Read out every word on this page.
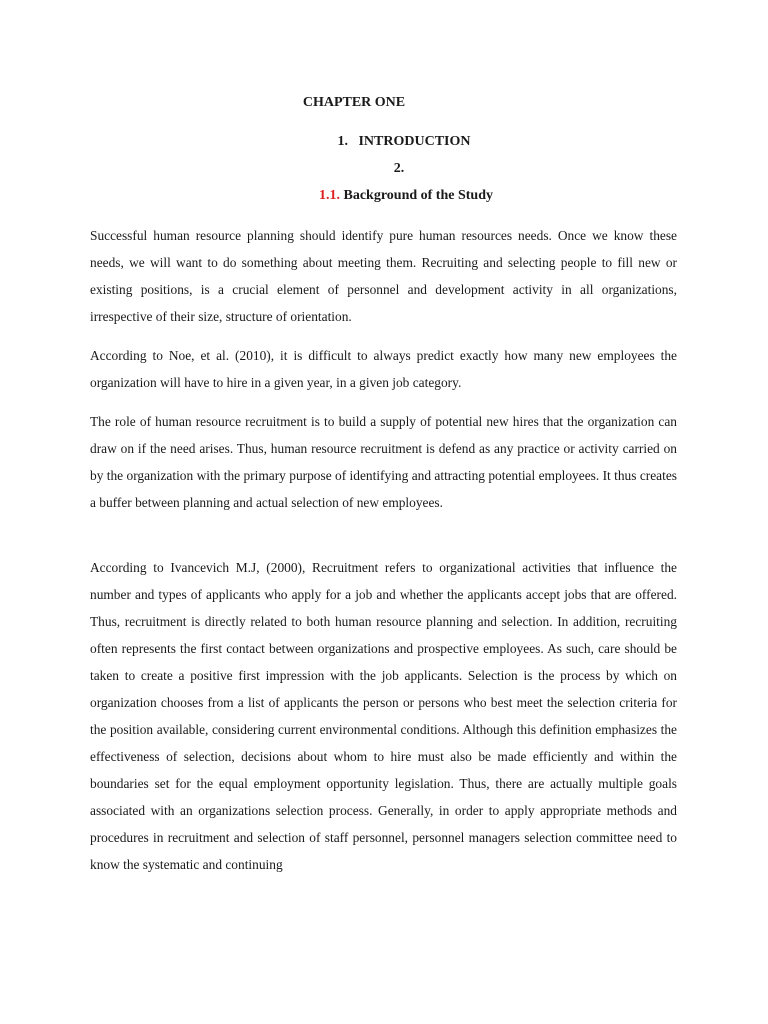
CHAPTER ONE
1. INTRODUCTION
2.
1.1. Background of the Study

Successful human resource planning should identify pure human resources needs. Once we know these needs, we will want to do something about meeting them. Recruiting and selecting people to fill new or existing positions, is a crucial element of personnel and development activity in all organizations, irrespective of their size, structure of orientation.

According to Noe, et al. (2010), it is difficult to always predict exactly how many new employees the organization will have to hire in a given year, in a given job category.

The role of human resource recruitment is to build a supply of potential new hires that the organization can draw on if the need arises. Thus, human resource recruitment is defend as any practice or activity carried on by the organization with the primary purpose of identifying and attracting potential employees. It thus creates a buffer between planning and actual selection of new employees.

According to Ivancevich M.J, (2000), Recruitment refers to organizational activities that influence the number and types of applicants who apply for a job and whether the applicants accept jobs that are offered. Thus, recruitment is directly related to both human resource planning and selection. In addition, recruiting often represents the first contact between organizations and prospective employees. As such, care should be taken to create a positive first impression with the job applicants. Selection is the process by which on organization chooses from a list of applicants the person or persons who best meet the selection criteria for the position available, considering current environmental conditions. Although this definition emphasizes the effectiveness of selection, decisions about whom to hire must also be made efficiently and within the boundaries set for the equal employment opportunity legislation. Thus, there are actually multiple goals associated with an organizations selection process. Generally, in order to apply appropriate methods and procedures in recruitment and selection of staff personnel, personnel managers selection committee need to know the systematic and continuing
